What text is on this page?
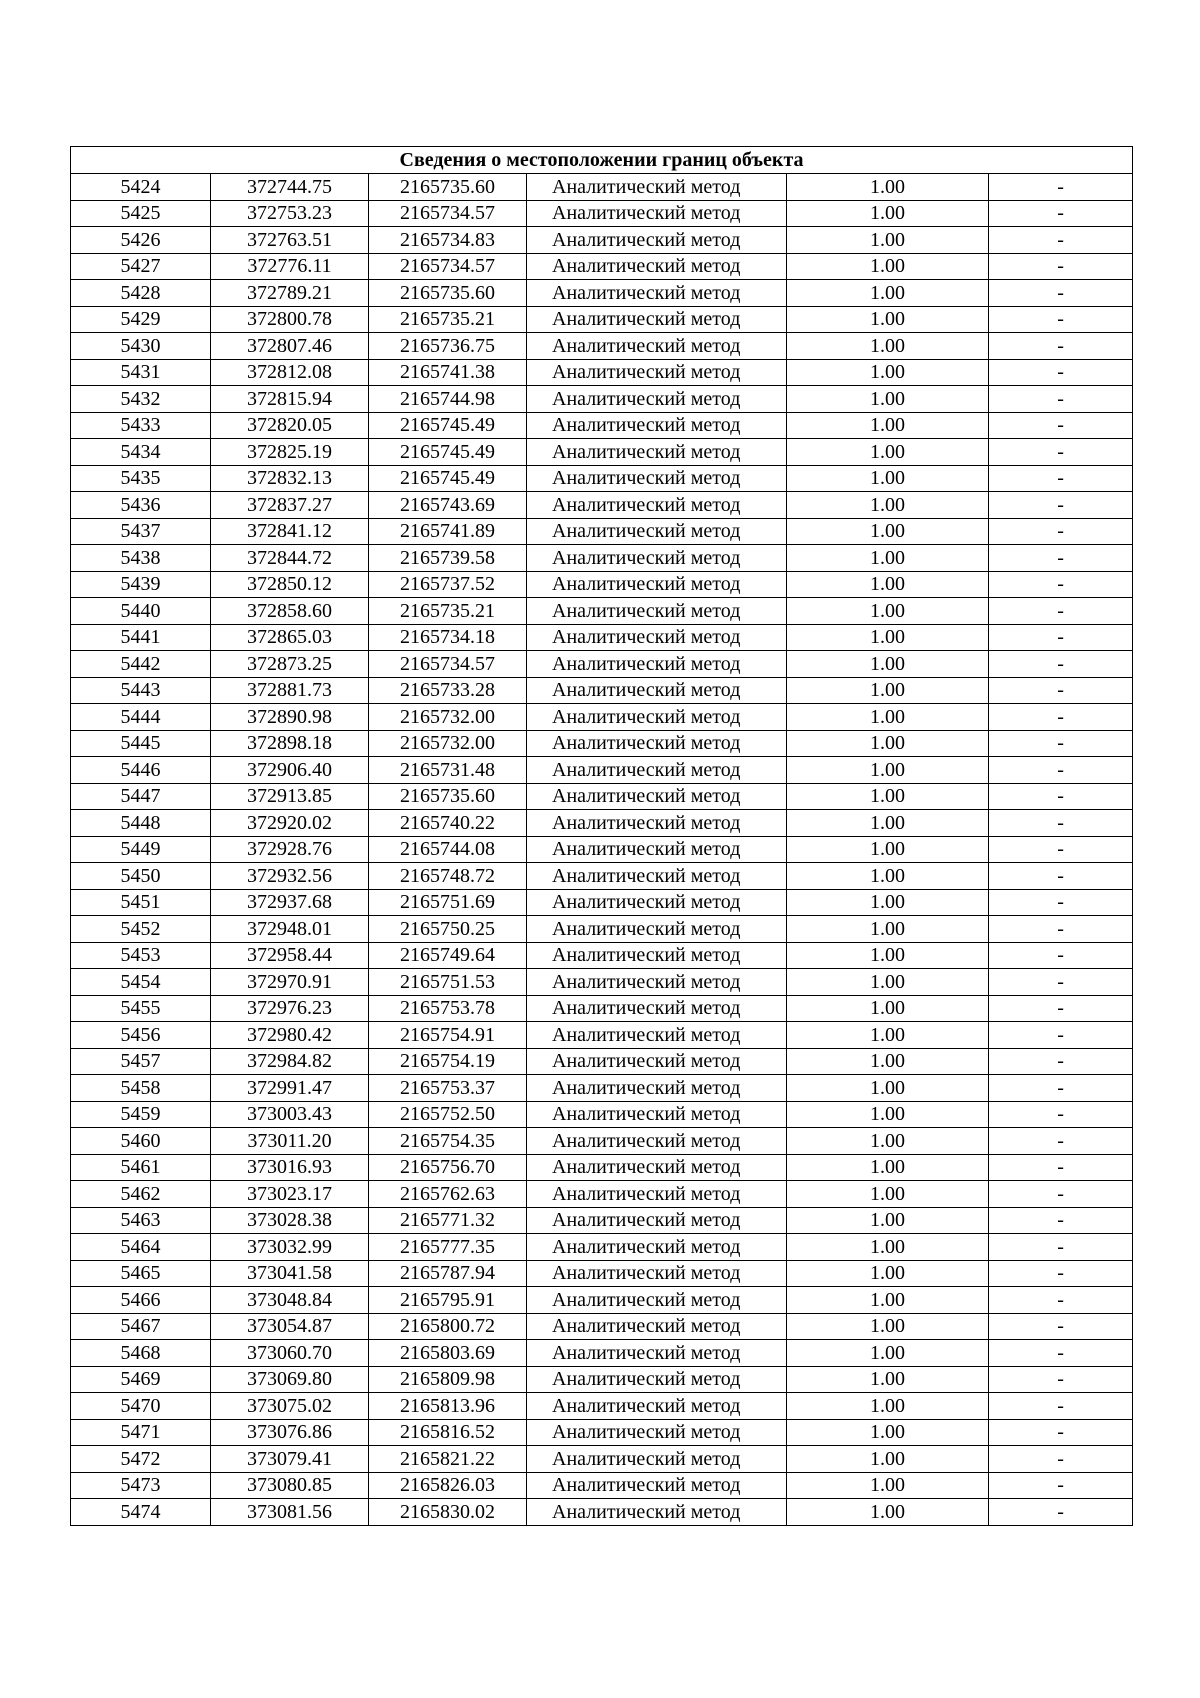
Сведения о местоположении границ объекта					
5424	372744.75	2165735.60	Аналитический метод	1.00	-
5425	372753.23	2165734.57	Аналитический метод	1.00	-
5426	372763.51	2165734.83	Аналитический метод	1.00	-
5427	372776.11	2165734.57	Аналитический метод	1.00	-
5428	372789.21	2165735.60	Аналитический метод	1.00	-
5429	372800.78	2165735.21	Аналитический метод	1.00	-
5430	372807.46	2165736.75	Аналитический метод	1.00	-
5431	372812.08	2165741.38	Аналитический метод	1.00	-
5432	372815.94	2165744.98	Аналитический метод	1.00	-
5433	372820.05	2165745.49	Аналитический метод	1.00	-
5434	372825.19	2165745.49	Аналитический метод	1.00	-
5435	372832.13	2165745.49	Аналитический метод	1.00	-
5436	372837.27	2165743.69	Аналитический метод	1.00	-
5437	372841.12	2165741.89	Аналитический метод	1.00	-
5438	372844.72	2165739.58	Аналитический метод	1.00	-
5439	372850.12	2165737.52	Аналитический метод	1.00	-
5440	372858.60	2165735.21	Аналитический метод	1.00	-
5441	372865.03	2165734.18	Аналитический метод	1.00	-
5442	372873.25	2165734.57	Аналитический метод	1.00	-
5443	372881.73	2165733.28	Аналитический метод	1.00	-
5444	372890.98	2165732.00	Аналитический метод	1.00	-
5445	372898.18	2165732.00	Аналитический метод	1.00	-
5446	372906.40	2165731.48	Аналитический метод	1.00	-
5447	372913.85	2165735.60	Аналитический метод	1.00	-
5448	372920.02	2165740.22	Аналитический метод	1.00	-
5449	372928.76	2165744.08	Аналитический метод	1.00	-
5450	372932.56	2165748.72	Аналитический метод	1.00	-
5451	372937.68	2165751.69	Аналитический метод	1.00	-
5452	372948.01	2165750.25	Аналитический метод	1.00	-
5453	372958.44	2165749.64	Аналитический метод	1.00	-
5454	372970.91	2165751.53	Аналитический метод	1.00	-
5455	372976.23	2165753.78	Аналитический метод	1.00	-
5456	372980.42	2165754.91	Аналитический метод	1.00	-
5457	372984.82	2165754.19	Аналитический метод	1.00	-
5458	372991.47	2165753.37	Аналитический метод	1.00	-
5459	373003.43	2165752.50	Аналитический метод	1.00	-
5460	373011.20	2165754.35	Аналитический метод	1.00	-
5461	373016.93	2165756.70	Аналитический метод	1.00	-
5462	373023.17	2165762.63	Аналитический метод	1.00	-
5463	373028.38	2165771.32	Аналитический метод	1.00	-
5464	373032.99	2165777.35	Аналитический метод	1.00	-
5465	373041.58	2165787.94	Аналитический метод	1.00	-
5466	373048.84	2165795.91	Аналитический метод	1.00	-
5467	373054.87	2165800.72	Аналитический метод	1.00	-
5468	373060.70	2165803.69	Аналитический метод	1.00	-
5469	373069.80	2165809.98	Аналитический метод	1.00	-
5470	373075.02	2165813.96	Аналитический метод	1.00	-
5471	373076.86	2165816.52	Аналитический метод	1.00	-
5472	373079.41	2165821.22	Аналитический метод	1.00	-
5473	373080.85	2165826.03	Аналитический метод	1.00	-
5474	373081.56	2165830.02	Аналитический метод	1.00	-
